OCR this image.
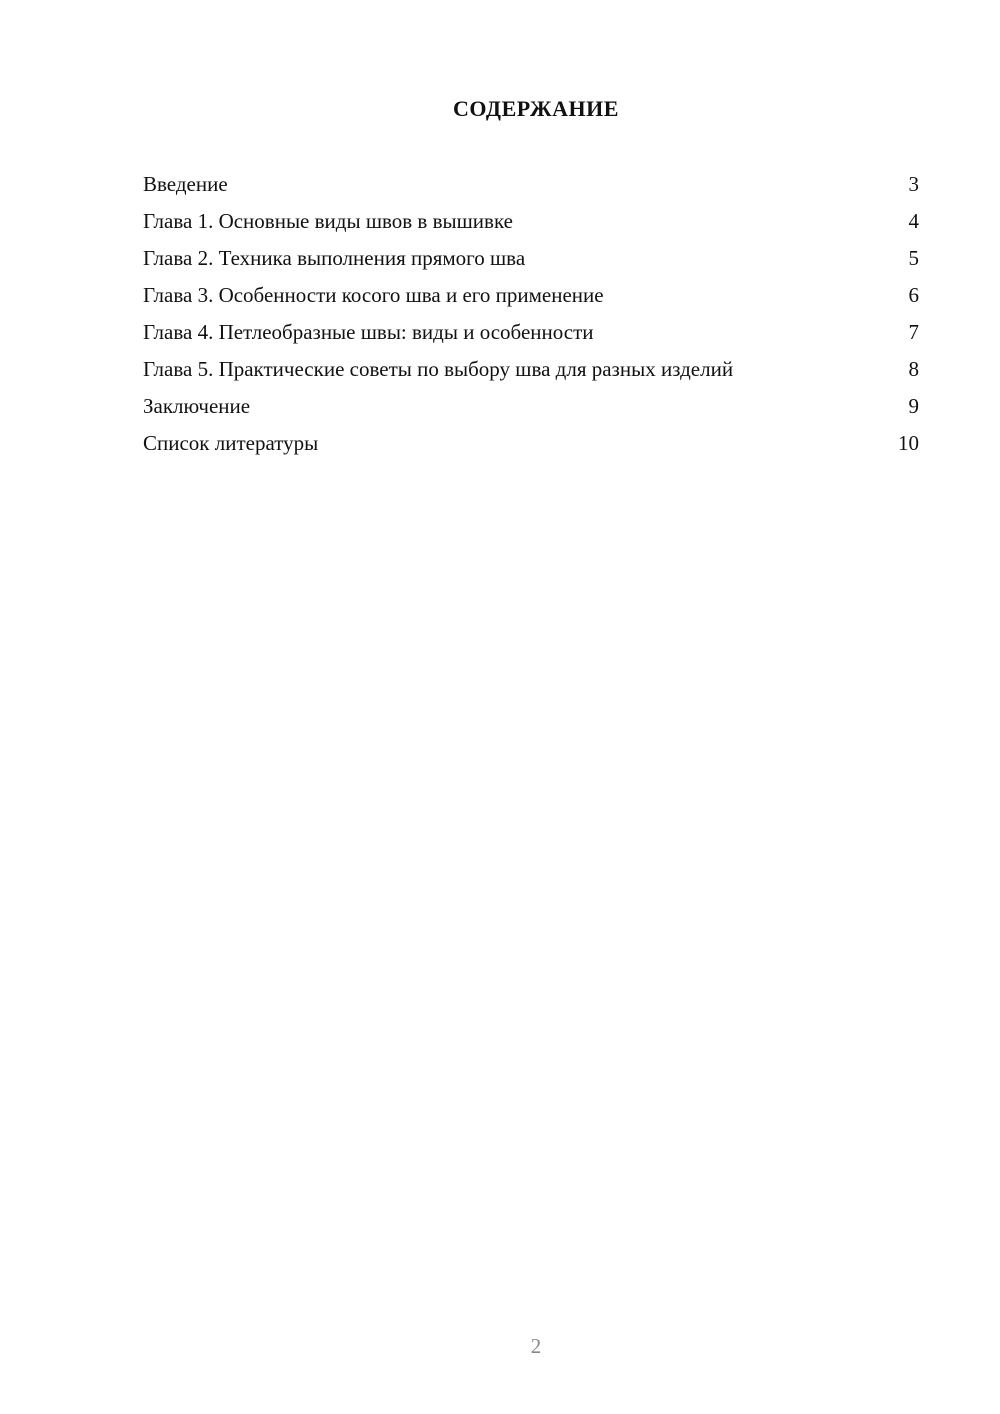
СОДЕРЖАНИЕ
Введение	3
Глава 1. Основные виды швов в вышивке	4
Глава 2. Техника выполнения прямого шва	5
Глава 3. Особенности косого шва и его применение	6
Глава 4. Петлеобразные швы: виды и особенности	7
Глава 5. Практические советы по выбору шва для разных изделий	8
Заключение	9
Список литературы	10
2
